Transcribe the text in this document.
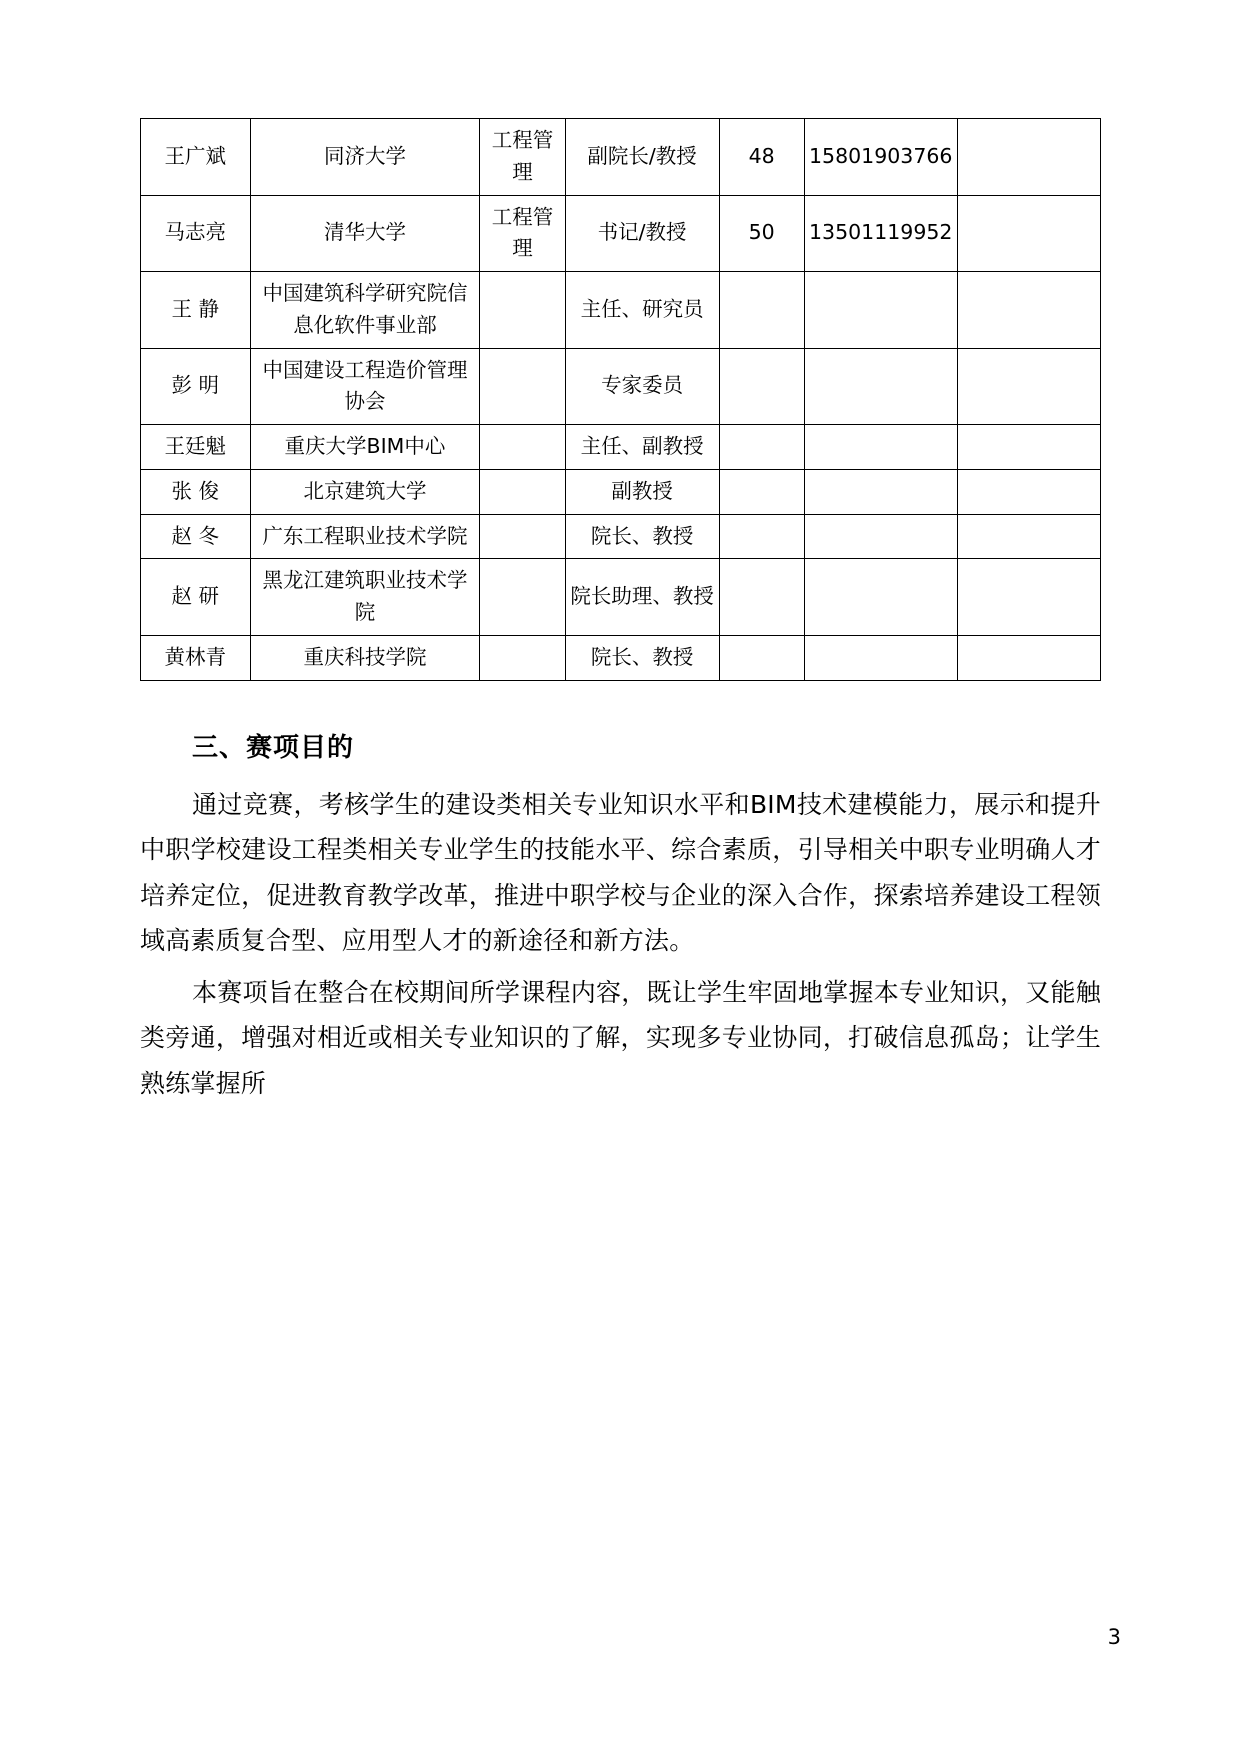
王广斌	同济大学	工程管理	副院长/教授	48	15801903766	
马志亮	清华大学	工程管理	书记/教授	50	13501119952	
王 静	中国建筑科学研究院信息化软件事业部		主任、研究员			
彭 明	中国建设工程造价管理协会		专家委员			
王廷魁	重庆大学BIM中心		主任、副教授			
张 俊	北京建筑大学		副教授			
赵 冬	广东工程职业技术学院		院长、教授			
赵 研	黑龙江建筑职业技术学院		院长助理、教授			
黄林青	重庆科技学院		院长、教授			
三、赛项目的

通过竞赛，考核学生的建设类相关专业知识水平和BIM技术建模能力，展示和提升中职学校建设工程类相关专业学生的技能水平、综合素质，引导相关中职专业明确人才培养定位，促进教育教学改革，推进中职学校与企业的深入合作，探索培养建设工程领域高素质复合型、应用型人才的新途径和新方法。

本赛项旨在整合在校期间所学课程内容，既让学生牢固地掌握本专业知识，又能触类旁通，增强对相近或相关专业知识的了解，实现多专业协同，打破信息孤岛；让学生熟练掌握所

3
